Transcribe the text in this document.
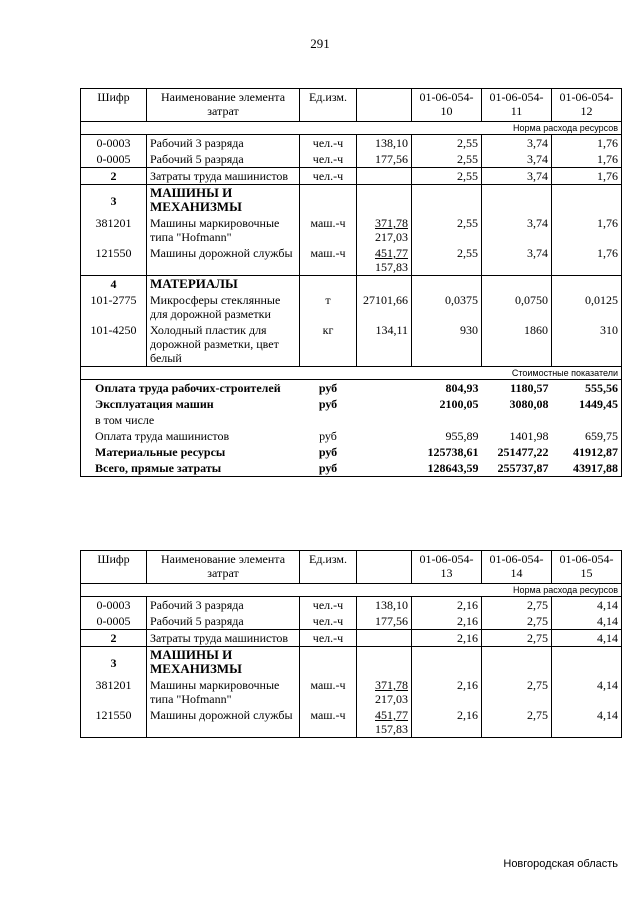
291
Шифр	Наименование элемента затрат	Ед.изм.		01-06-054-10	01-06-054-11	01-06-054-12
Норма расхода ресурсов						
0-0003	Рабочий 3 разряда	чел.-ч	138,10	2,55	3,74	1,76
0-0005	Рабочий 5 разряда	чел.-ч	177,56	2,55	3,74	1,76
2	Затраты труда машинистов	чел.-ч		2,55	3,74	1,76
3	МАШИНЫ И МЕХАНИЗМЫ					
381201	Машины маркировочные типа "Hofmann"	маш.-ч	371,78
217,03	2,55	3,74	1,76
121550	Машины дорожной службы	маш.-ч	451,77
157,83	2,55	3,74	1,76
4	МАТЕРИАЛЫ					
101-2775	Микросферы стеклянные для дорожной разметки	т	27101,66	0,0375	0,0750	0,0125
101-4250	Холодный пластик для дорожной разметки, цвет белый	кг	134,11	930	1860	310
Стоимостные показатели						
Оплата труда рабочих-строителей		руб		804,93	1180,57	555,56
Эксплуатация машин		руб		2100,05	3080,08	1449,45
в том числе						
Оплата труда машинистов		руб		955,89	1401,98	659,75
Материальные ресурсы		руб		125738,61	251477,22	41912,87
Всего, прямые затраты		руб		128643,59	255737,87	43917,88
Шифр	Наименование элемента затрат	Ед.изм.		01-06-054-13	01-06-054-14	01-06-054-15
Норма расхода ресурсов						
0-0003	Рабочий 3 разряда	чел.-ч	138,10	2,16	2,75	4,14
0-0005	Рабочий 5 разряда	чел.-ч	177,56	2,16	2,75	4,14
2	Затраты труда машинистов	чел.-ч		2,16	2,75	4,14
3	МАШИНЫ И МЕХАНИЗМЫ					
381201	Машины маркировочные типа "Hofmann"	маш.-ч	371,78
217,03	2,16	2,75	4,14
121550	Машины дорожной службы	маш.-ч	451,77
157,83	2,16	2,75	4,14
Новгородская область
